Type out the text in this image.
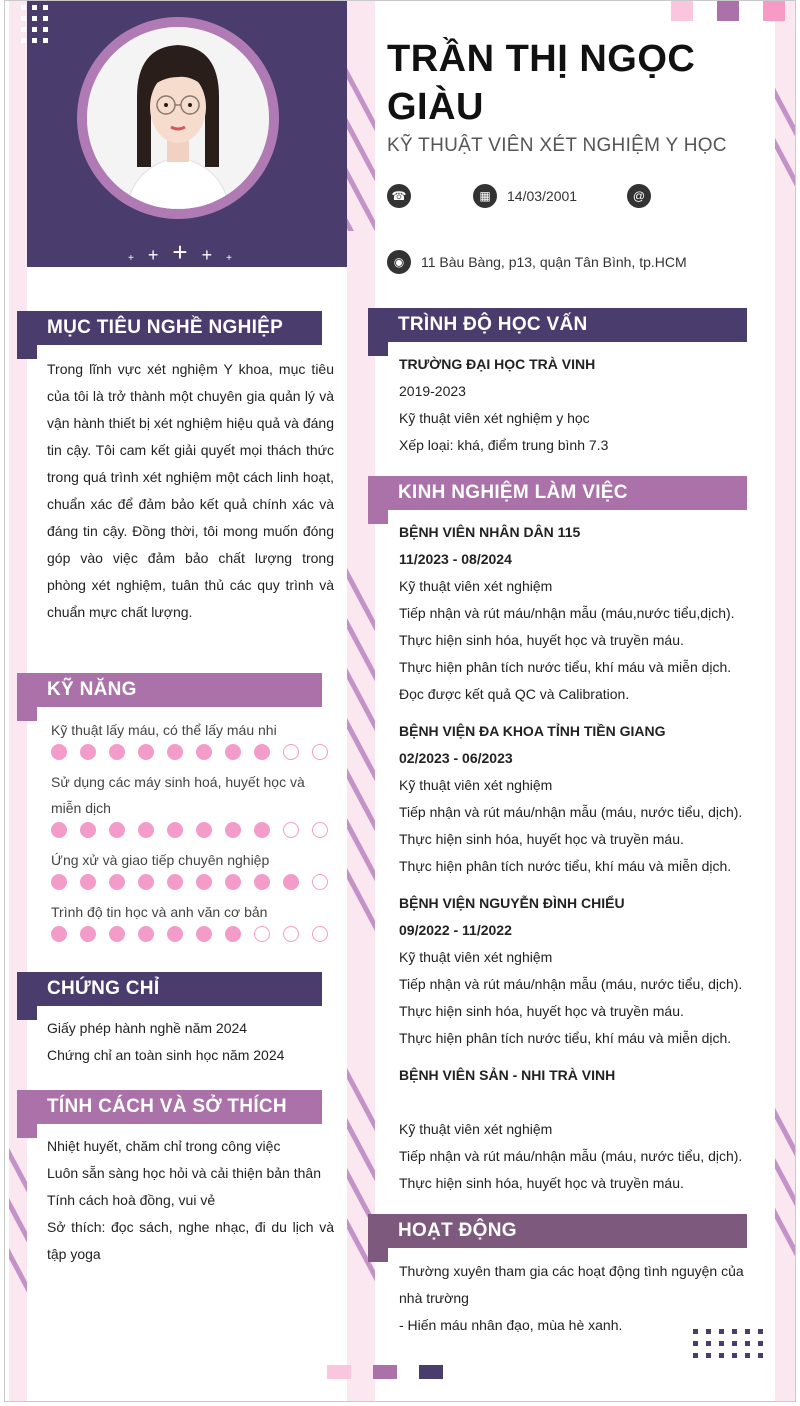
+++++
TRẦN THỊ NGỌC GIÀU
KỸ THUẬT VIÊN XÉT NGHIỆM Y HỌC
☎	▦	14/03/2001	@
◉	11 Bàu Bàng, p13, quận Tân Bình, tp.HCM
MỤC TIÊU NGHỀ NGHIỆP
Trong lĩnh vực xét nghiệm Y khoa, mục tiêu của tôi là trở thành một chuyên gia quản lý và vận hành thiết bị xét nghiệm hiệu quả và đáng tin cậy. Tôi cam kết giải quyết mọi thách thức trong quá trình xét nghiệm một cách linh hoạt, chuẩn xác để đảm bảo kết quả chính xác và đáng tin cậy. Đồng thời, tôi mong muốn đóng góp vào việc đảm bảo chất lượng trong phòng xét nghiệm, tuân thủ các quy trình và chuẩn mực chất lượng.
KỸ NĂNG
Kỹ thuật lấy máu, có thể lấy máu nhi
Sử dụng các máy sinh hoá, huyết học và miễn dịch
Ứng xử và giao tiếp chuyên nghiệp
Trình độ tin học và anh văn cơ bản
CHỨNG CHỈ
Giấy phép hành nghề năm 2024
Chứng chỉ an toàn sinh học năm 2024
TÍNH CÁCH VÀ SỞ THÍCH
Nhiệt huyết, chăm chỉ trong công việc
Luôn sẵn sàng học hỏi và cải thiện bản thân
Tính cách hoà đồng, vui vẻ
Sở thích: đọc sách, nghe nhạc, đi du lịch và tập yoga
TRÌNH ĐỘ HỌC VẤN
TRƯỜNG ĐẠI HỌC TRÀ VINH
2019-2023
Kỹ thuật viên xét nghiệm y học
Xếp loại: khá, điểm trung bình 7.3
KINH NGHIỆM LÀM VIỆC
BỆNH VIÊN NHÂN DÂN 115
11/2023 - 08/2024
Kỹ thuật viên xét nghiệm
Tiếp nhận và rút máu/nhận mẫu (máu,nước tiểu,dịch).
Thực hiện sinh hóa, huyết học và truyền máu.
Thực hiện phân tích nước tiểu, khí máu và miễn dịch.
Đọc được kết quả QC và Calibration.
BỆNH VIỆN ĐA KHOA TỈNH TIỀN GIANG
02/2023 - 06/2023
Kỹ thuật viên xét nghiệm
Tiếp nhận và rút máu/nhận mẫu (máu, nước tiểu, dịch).
Thực hiện sinh hóa, huyết học và truyền máu.
Thực hiện phân tích nước tiểu, khí máu và miễn dịch.
BỆNH VIỆN NGUYỄN ĐÌNH CHIỂU
09/2022 - 11/2022
Kỹ thuật viên xét nghiệm
Tiếp nhận và rút máu/nhận mẫu (máu, nước tiểu, dịch).
Thực hiện sinh hóa, huyết học và truyền máu.
Thực hiện phân tích nước tiểu, khí máu và miễn dịch.
BỆNH VIÊN SẢN - NHI TRÀ VINH
Kỹ thuật viên xét nghiệm
Tiếp nhận và rút máu/nhận mẫu (máu, nước tiểu, dịch).
Thực hiện sinh hóa, huyết học và truyền máu.
HOẠT ĐỘNG
Thường xuyên tham gia các hoạt động tình nguyện của nhà trường
- Hiến máu nhân đạo, mùa hè xanh.
